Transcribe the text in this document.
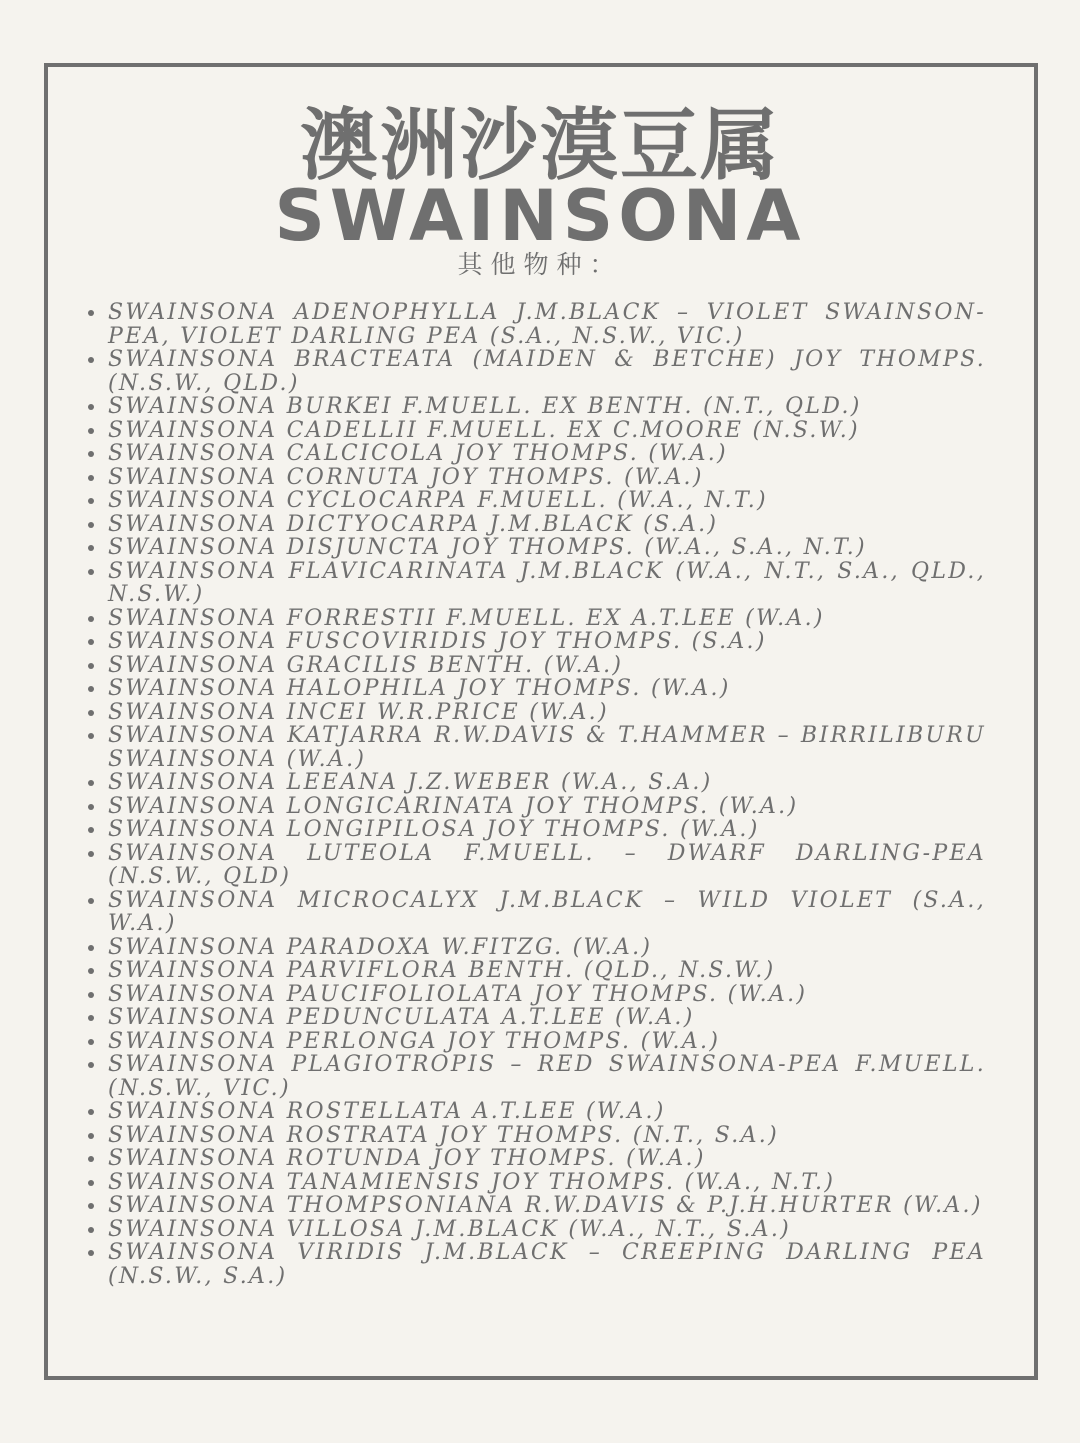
澳洲沙漠豆属
SWAINSONA
其他物种：
SWAINSONA ADENOPHYLLA J.M.BLACK – VIOLET SWAINSON-PEA, VIOLET DARLING PEA (S.A., N.S.W., VIC.)
SWAINSONA BRACTEATA (MAIDEN & BETCHE) JOY THOMPS. (N.S.W., QLD.)
SWAINSONA BURKEI F.MUELL. EX BENTH. (N.T., QLD.)
SWAINSONA CADELLII F.MUELL. EX C.MOORE (N.S.W.)
SWAINSONA CALCICOLA JOY THOMPS. (W.A.)
SWAINSONA CORNUTA JOY THOMPS. (W.A.)
SWAINSONA CYCLOCARPA F.MUELL. (W.A., N.T.)
SWAINSONA DICTYOCARPA J.M.BLACK (S.A.)
SWAINSONA DISJUNCTA JOY THOMPS. (W.A., S.A., N.T.)
SWAINSONA FLAVICARINATA J.M.BLACK (W.A., N.T., S.A., QLD., N.S.W.)
SWAINSONA FORRESTII F.MUELL. EX A.T.LEE (W.A.)
SWAINSONA FUSCOVIRIDIS JOY THOMPS. (S.A.)
SWAINSONA GRACILIS BENTH. (W.A.)
SWAINSONA HALOPHILA JOY THOMPS. (W.A.)
SWAINSONA INCEI W.R.PRICE (W.A.)
SWAINSONA KATJARRA R.W.DAVIS & T.HAMMER – BIRRILIBURU SWAINSONA (W.A.)
SWAINSONA LEEANA J.Z.WEBER (W.A., S.A.)
SWAINSONA LONGICARINATA JOY THOMPS. (W.A.)
SWAINSONA LONGIPILOSA JOY THOMPS. (W.A.)
SWAINSONA LUTEOLA F.MUELL. – DWARF DARLING-PEA (N.S.W., QLD)
SWAINSONA MICROCALYX J.M.BLACK – WILD VIOLET (S.A., W.A.)
SWAINSONA PARADOXA W.FITZG. (W.A.)
SWAINSONA PARVIFLORA BENTH. (QLD., N.S.W.)
SWAINSONA PAUCIFOLIOLATA JOY THOMPS. (W.A.)
SWAINSONA PEDUNCULATA A.T.LEE (W.A.)
SWAINSONA PERLONGA JOY THOMPS. (W.A.)
SWAINSONA PLAGIOTROPIS – RED SWAINSONA-PEA F.MUELL. (N.S.W., VIC.)
SWAINSONA ROSTELLATA A.T.LEE (W.A.)
SWAINSONA ROSTRATA JOY THOMPS. (N.T., S.A.)
SWAINSONA ROTUNDA JOY THOMPS. (W.A.)
SWAINSONA TANAMIENSIS JOY THOMPS. (W.A., N.T.)
SWAINSONA THOMPSONIANA R.W.DAVIS & P.J.H.HURTER (W.A.)
SWAINSONA VILLOSA J.M.BLACK (W.A., N.T., S.A.)
SWAINSONA VIRIDIS J.M.BLACK – CREEPING DARLING PEA (N.S.W., S.A.)
